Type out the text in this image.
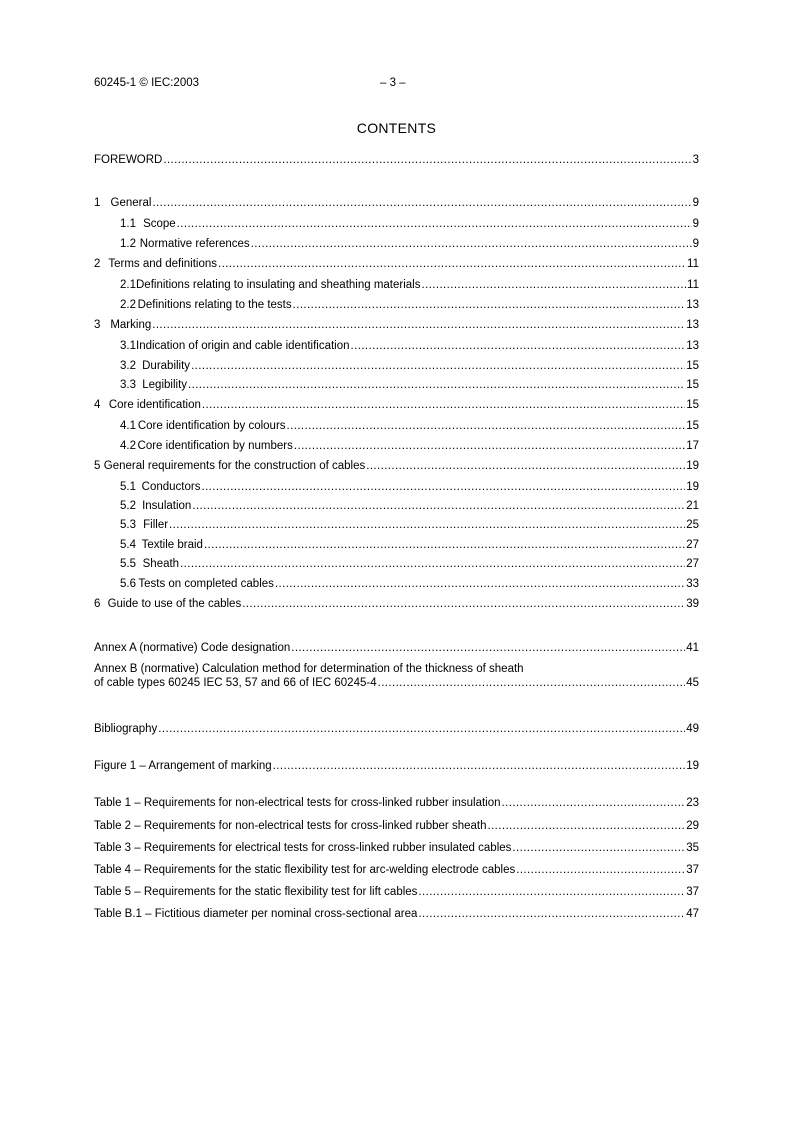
60245-1 © IEC:2003	– 3 –
CONTENTS
FOREWORD .....	3
1 General .....	9
1.1 Scope .....	9
1.2 Normative references .....	9
2 Terms and definitions .....	11
2.1 Definitions relating to insulating and sheathing materials .....	11
2.2 Definitions relating to the tests .....	13
3 Marking .....	13
3.1 Indication of origin and cable identification .....	13
3.2 Durability .....	15
3.3 Legibility .....	15
4 Core identification .....	15
4.1 Core identification by colours .....	15
4.2 Core identification by numbers .....	17
5 General requirements for the construction of cables .....	19
5.1 Conductors .....	19
5.2 Insulation .....	21
5.3 Filler .....	25
5.4 Textile braid .....	27
5.5 Sheath .....	27
5.6 Tests on completed cables .....	33
6 Guide to use of the cables .....	39
Annex A (normative) Code designation .....	41
Annex B (normative) Calculation method for determination of the thickness of sheath
of cable types 60245 IEC 53, 57 and 66 of IEC 60245-4 .....	45
Bibliography .....	49
Figure 1 – Arrangement of marking .....	19
Table 1 – Requirements for non-electrical tests for cross-linked rubber insulation .....	23
Table 2 – Requirements for non-electrical tests for cross-linked rubber sheath .....	29
Table 3 – Requirements for electrical tests for cross-linked rubber insulated cables .....	35
Table 4 – Requirements for the static flexibility test for arc-welding electrode cables .....	37
Table 5 – Requirements for the static flexibility test for lift cables .....	37
Table B.1 – Fictitious diameter per nominal cross-sectional area .....	47
